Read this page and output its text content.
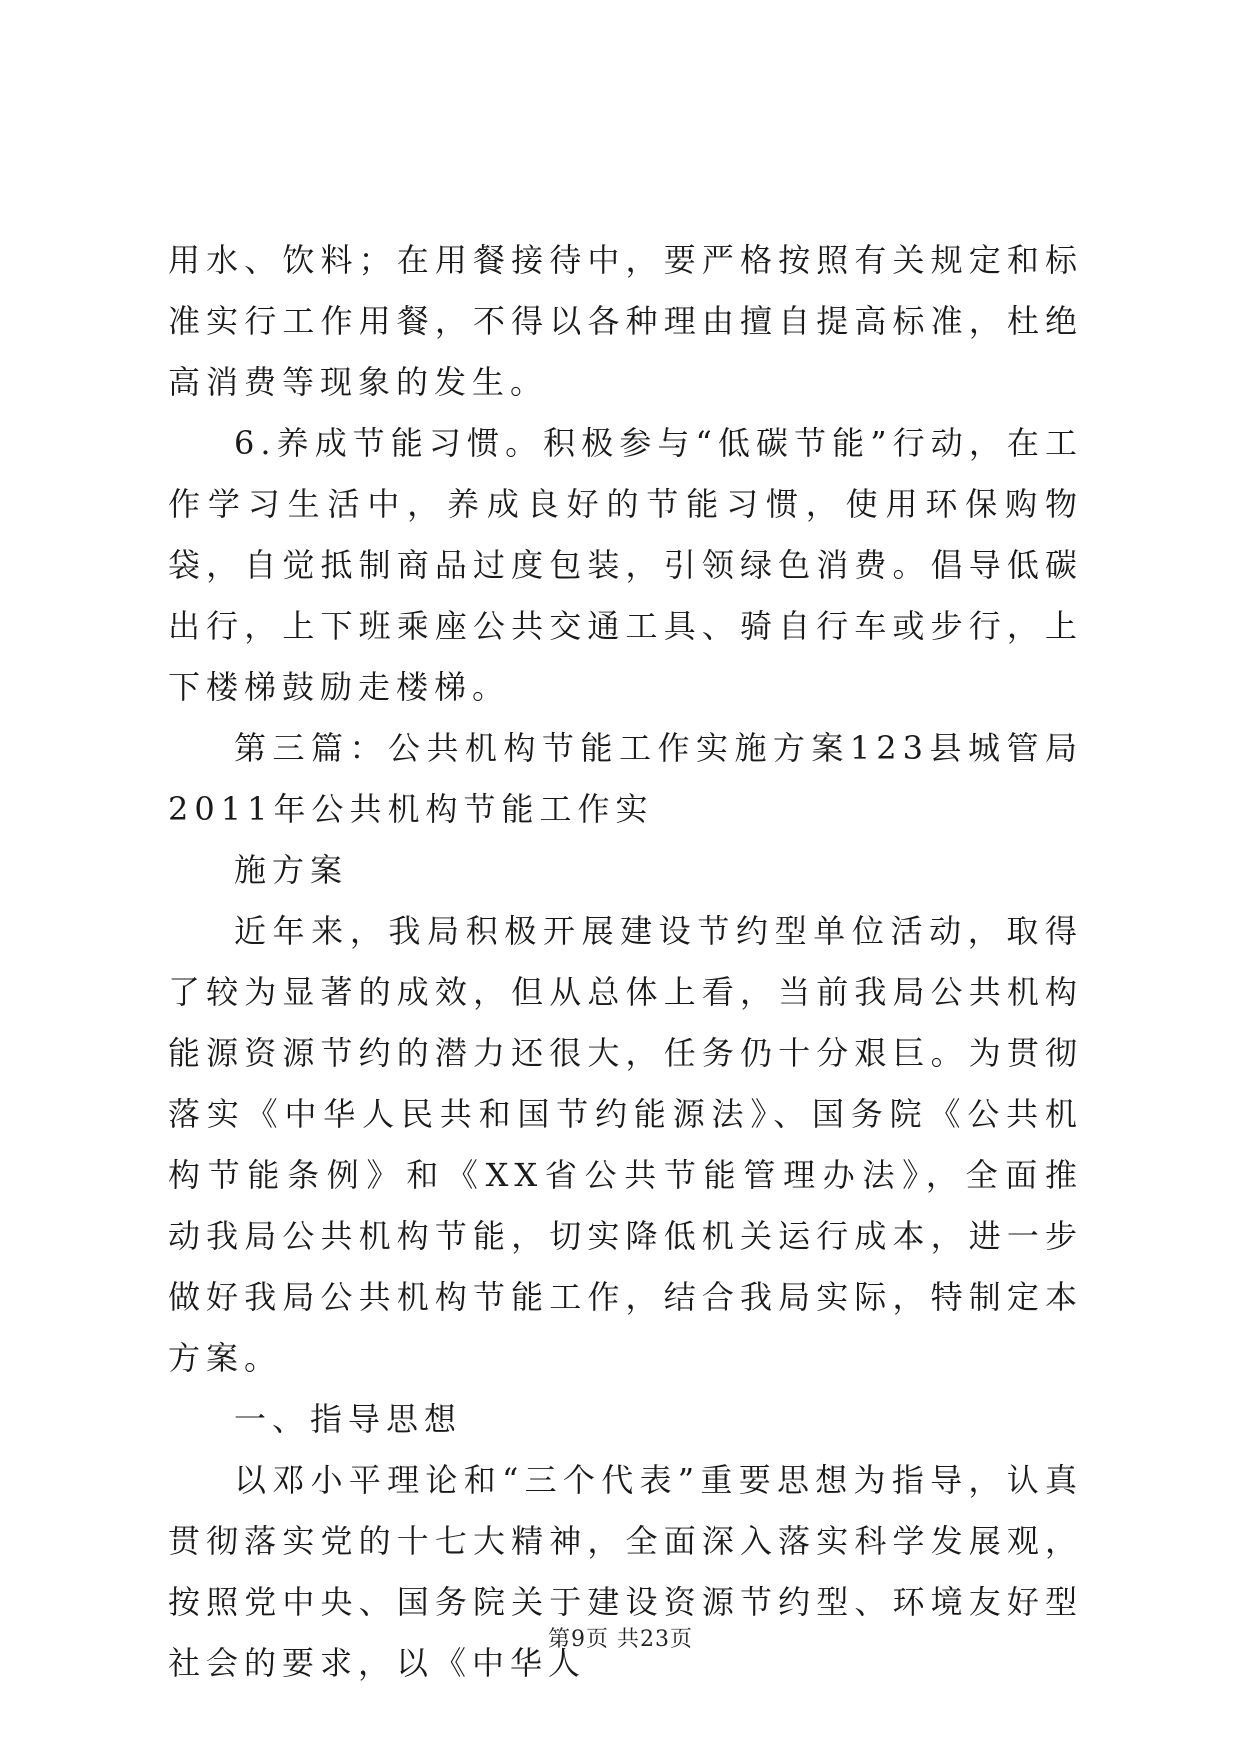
用水、饮料；在用餐接待中，要严格按照有关规定和标准实行工作用餐，不得以各种理由擅自提高标准，杜绝高消费等现象的发生。

6.养成节能习惯。积极参与“低碳节能”行动，在工作学习生活中，养成良好的节能习惯，使用环保购物袋，自觉抵制商品过度包装，引领绿色消费。倡导低碳出行，上下班乘座公共交通工具、骑自行车或步行，上下楼梯鼓励走楼梯。

第三篇：公共机构节能工作实施方案123县城管局2011年公共机构节能工作实

施方案

近年来，我局积极开展建设节约型单位活动，取得了较为显著的成效，但从总体上看，当前我局公共机构能源资源节约的潜力还很大，任务仍十分艰巨。为贯彻落实《中华人民共和国节约能源法》、国务院《公共机构节能条例》和《XX省公共节能管理办法》，全面推动我局公共机构节能，切实降低机关运行成本，进一步做好我局公共机构节能工作，结合我局实际，特制定本方案。

一、指导思想

以邓小平理论和“三个代表”重要思想为指导，认真贯彻落实党的十七大精神，全面深入落实科学发展观，按照党中央、国务院关于建设资源节约型、环境友好型社会的要求，以《中华人

第9页 共23页
